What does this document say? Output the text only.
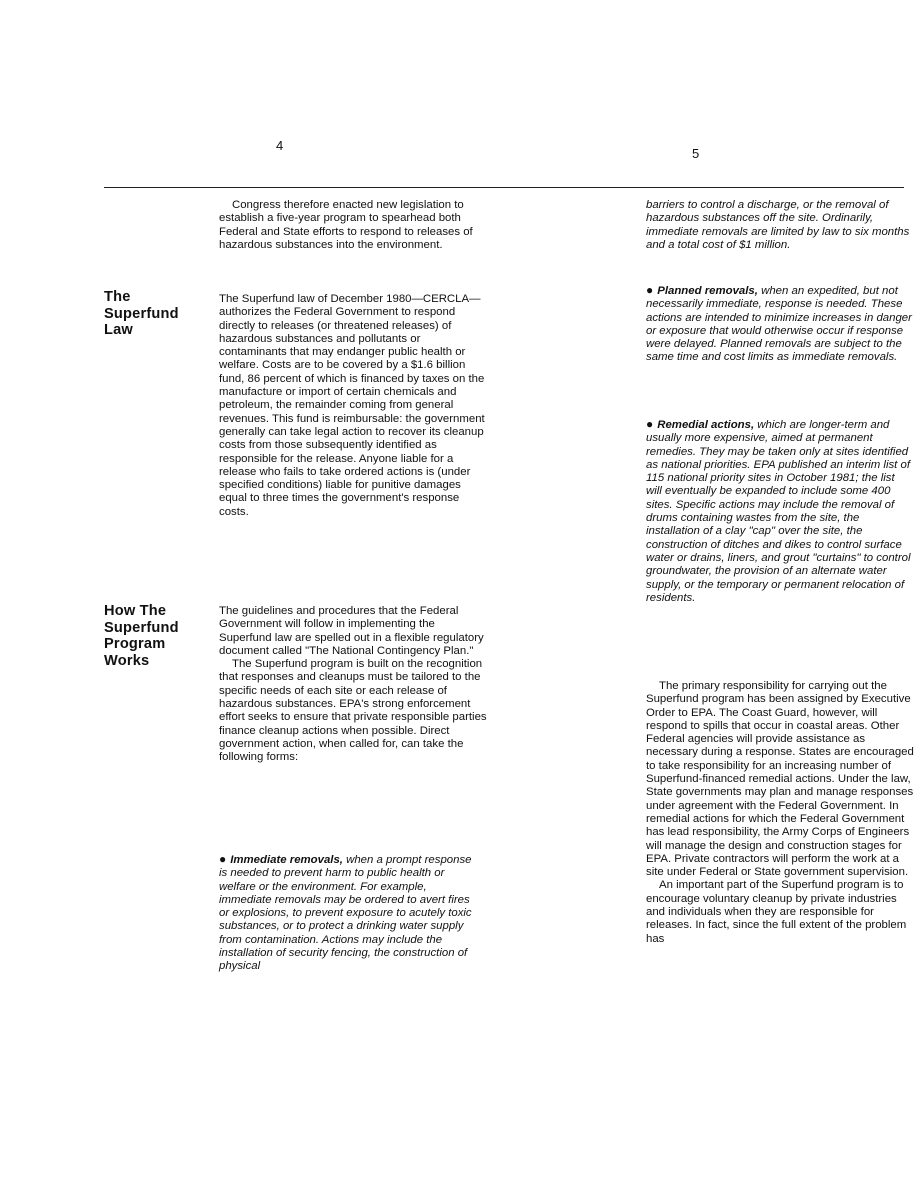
4
5
The Superfund Law
How The Superfund Program Works

Congress therefore enacted new legislation to establish a five-year program to spearhead both Federal and State efforts to respond to releases of hazardous substances into the environment.

The Superfund law of December 1980—CERCLA—authorizes the Federal Government to respond directly to releases (or threatened releases) of hazardous substances and pollutants or contaminants that may endanger public health or welfare. Costs are to be covered by a $1.6 billion fund, 86 percent of which is financed by taxes on the manufacture or import of certain chemicals and petroleum, the remainder coming from general revenues. This fund is reimbursable: the government generally can take legal action to recover its cleanup costs from those subsequently identified as responsible for the release. Anyone liable for a release who fails to take ordered actions is (under specified conditions) liable for punitive damages equal to three times the government's response costs.

The guidelines and procedures that the Federal Government will follow in implementing the Superfund law are spelled out in a flexible regulatory document called "The National Contingency Plan."

The Superfund program is built on the recognition that responses and cleanups must be tailored to the specific needs of each site or each release of hazardous substances. EPA's strong enforcement effort seeks to ensure that private responsible parties finance cleanup actions when possible. Direct government action, when called for, can take the following forms:

● Immediate removals, when a prompt response is needed to prevent harm to public health or welfare or the environment. For example, immediate removals may be ordered to avert fires or explosions, to prevent exposure to acutely toxic substances, or to protect a drinking water supply from contamination. Actions may include the installation of security fencing, the construction of physical

barriers to control a discharge, or the removal of hazardous substances off the site. Ordinarily, immediate removals are limited by law to six months and a total cost of $1 million.

● Planned removals, when an expedited, but not necessarily immediate, response is needed. These actions are intended to minimize increases in danger or exposure that would otherwise occur if response were delayed. Planned removals are subject to the same time and cost limits as immediate removals.

● Remedial actions, which are longer-term and usually more expensive, aimed at permanent remedies. They may be taken only at sites identified as national priorities. EPA published an interim list of 115 national priority sites in October 1981; the list will eventually be expanded to include some 400 sites. Specific actions may include the removal of drums containing wastes from the site, the installation of a clay "cap" over the site, the construction of ditches and dikes to control surface water or drains, liners, and grout "curtains" to control groundwater, the provision of an alternate water supply, or the temporary or permanent relocation of residents.

The primary responsibility for carrying out the Superfund program has been assigned by Executive Order to EPA. The Coast Guard, however, will respond to spills that occur in coastal areas. Other Federal agencies will provide assistance as necessary during a response. States are encouraged to take responsibility for an increasing number of Superfund-financed remedial actions. Under the law, State governments may plan and manage responses under agreement with the Federal Government. In remedial actions for which the Federal Government has lead responsibility, the Army Corps of Engineers will manage the design and construction stages for EPA. Private contractors will perform the work at a site under Federal or State government supervision.

An important part of the Superfund program is to encourage voluntary cleanup by private industries and individuals when they are responsible for releases. In fact, since the full extent of the problem has
